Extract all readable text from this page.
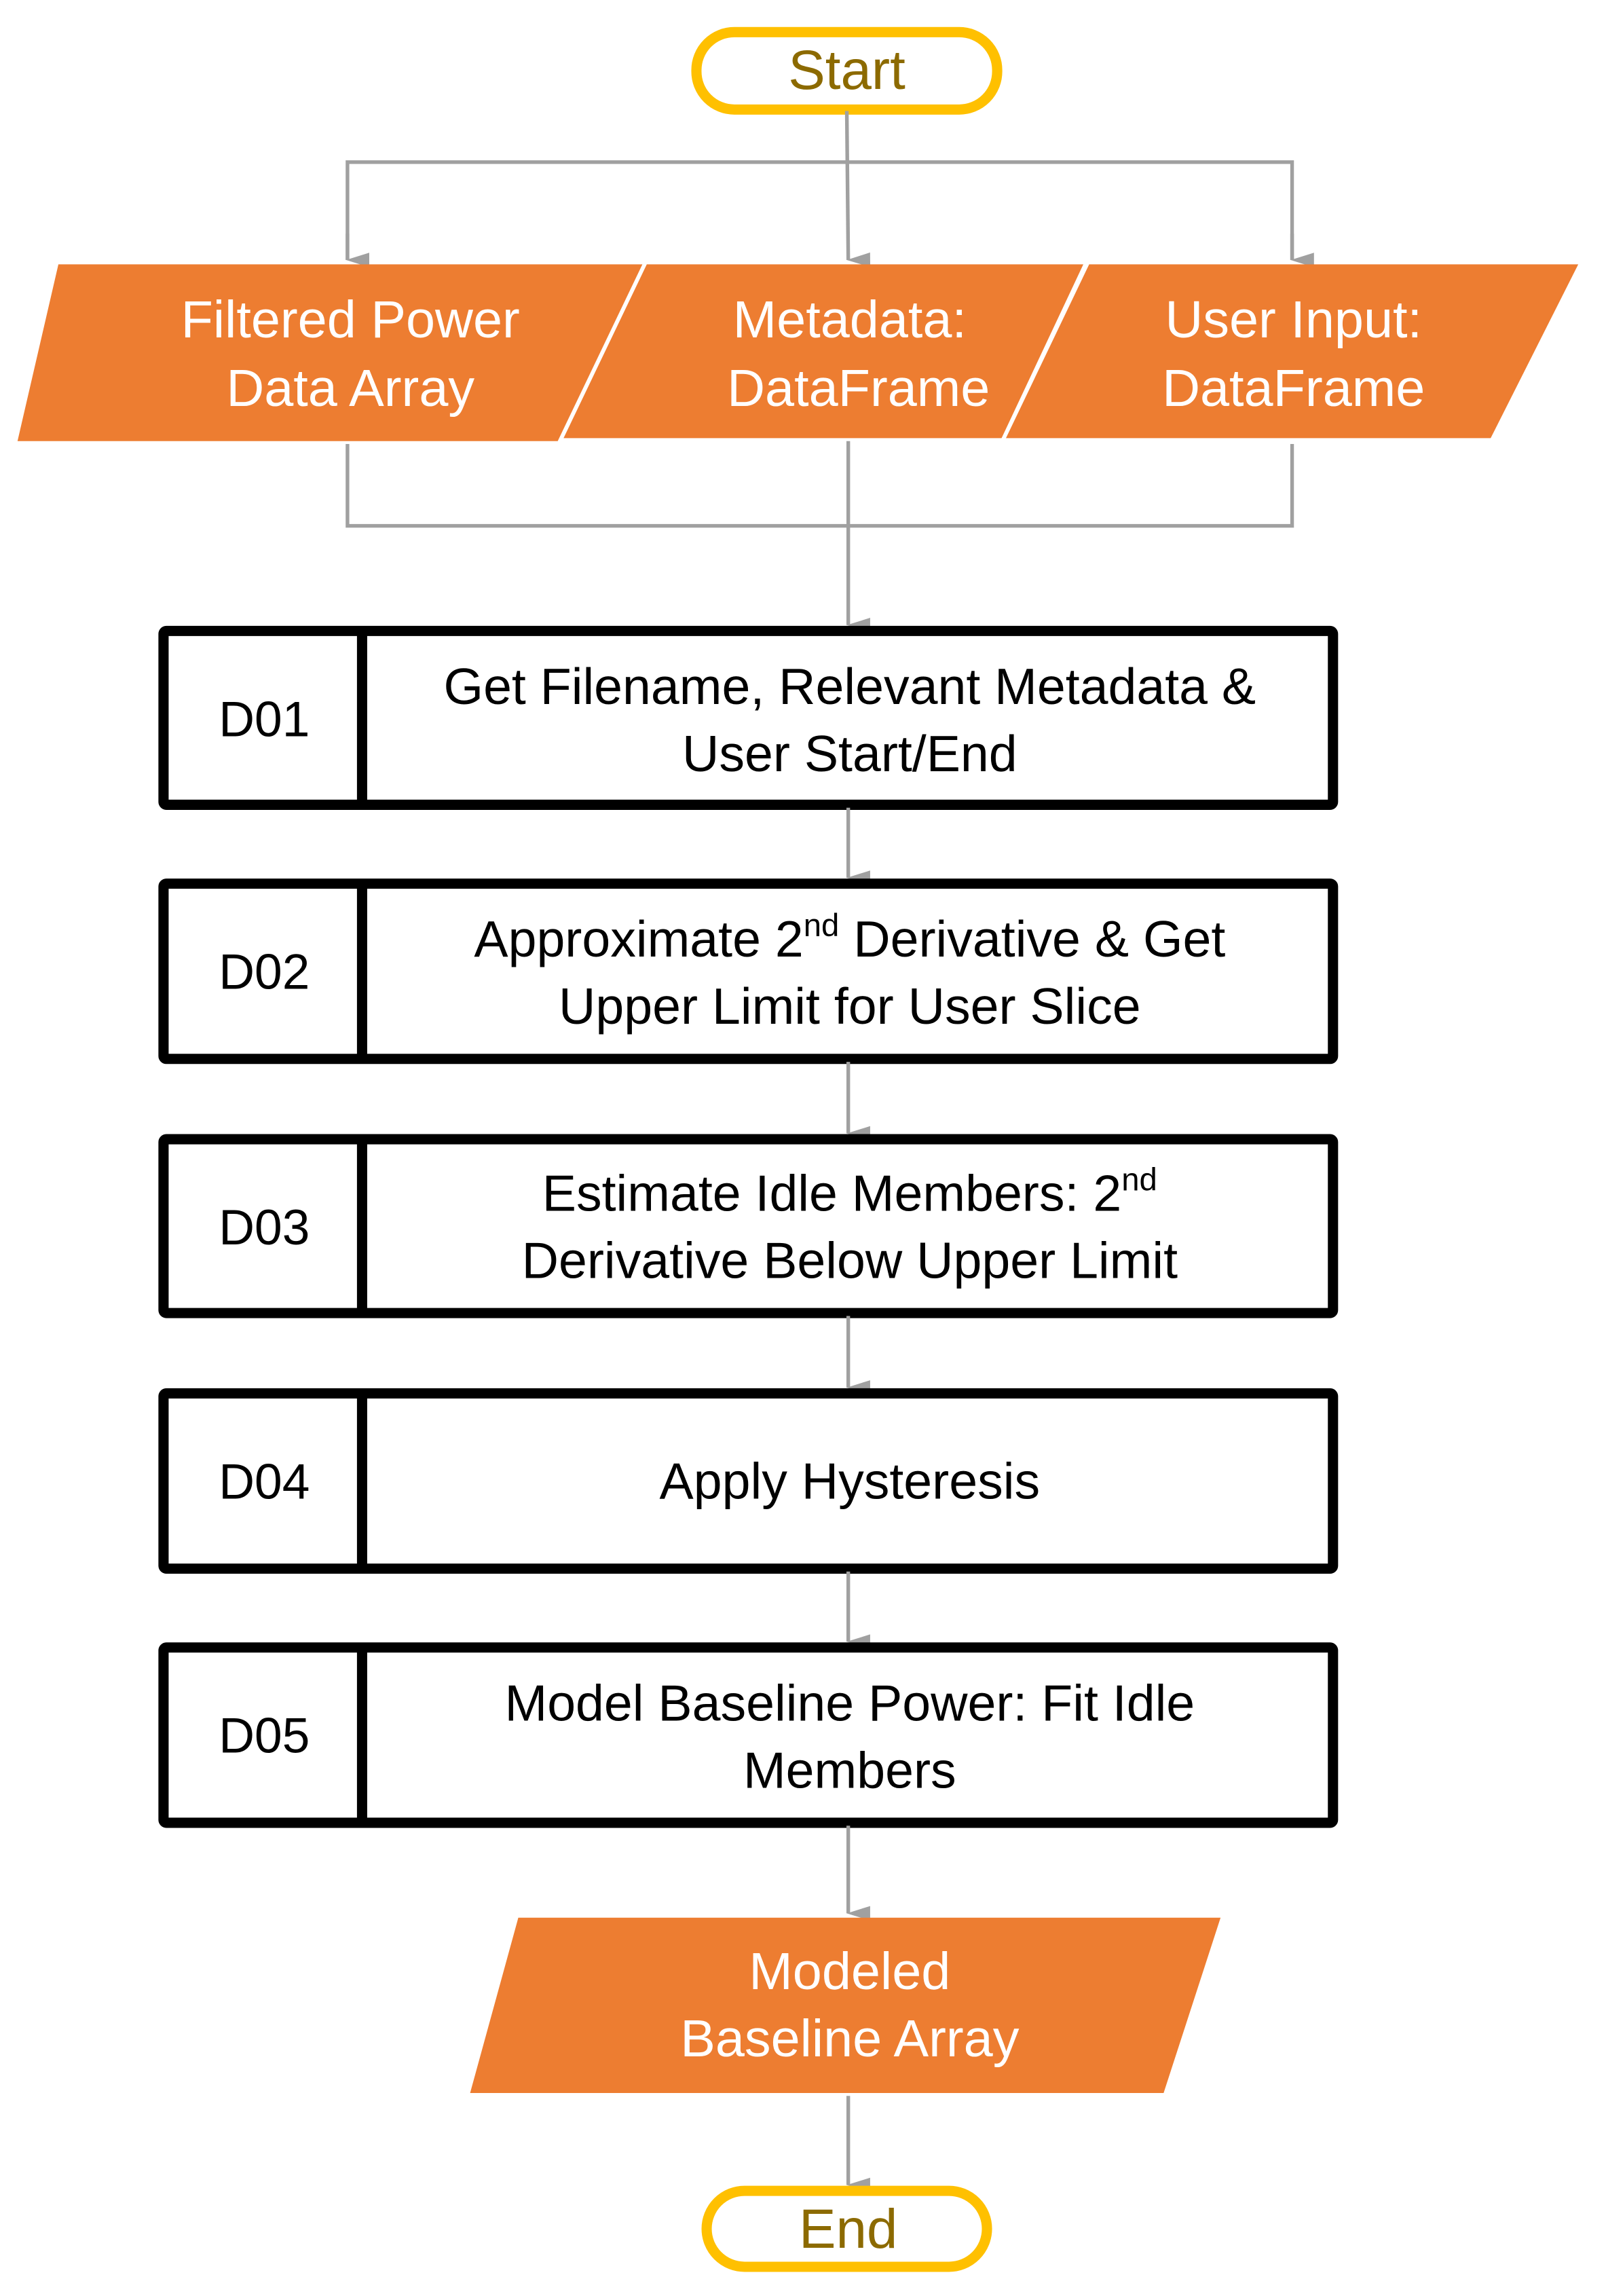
Start
Filtered Power
Data Array
Metadata:
DataFrame
User Input:
DataFrame
D01
Get Filename, Relevant Metadata &
User Start/End
D02
Approximate 2nd Derivative & Get
Upper Limit for User Slice
D03
Estimate Idle Members: 2nd
Derivative Below Upper Limit
D04	Apply Hysteresis
D05
Model Baseline Power: Fit Idle
Members
Modeled
Baseline Array
End
